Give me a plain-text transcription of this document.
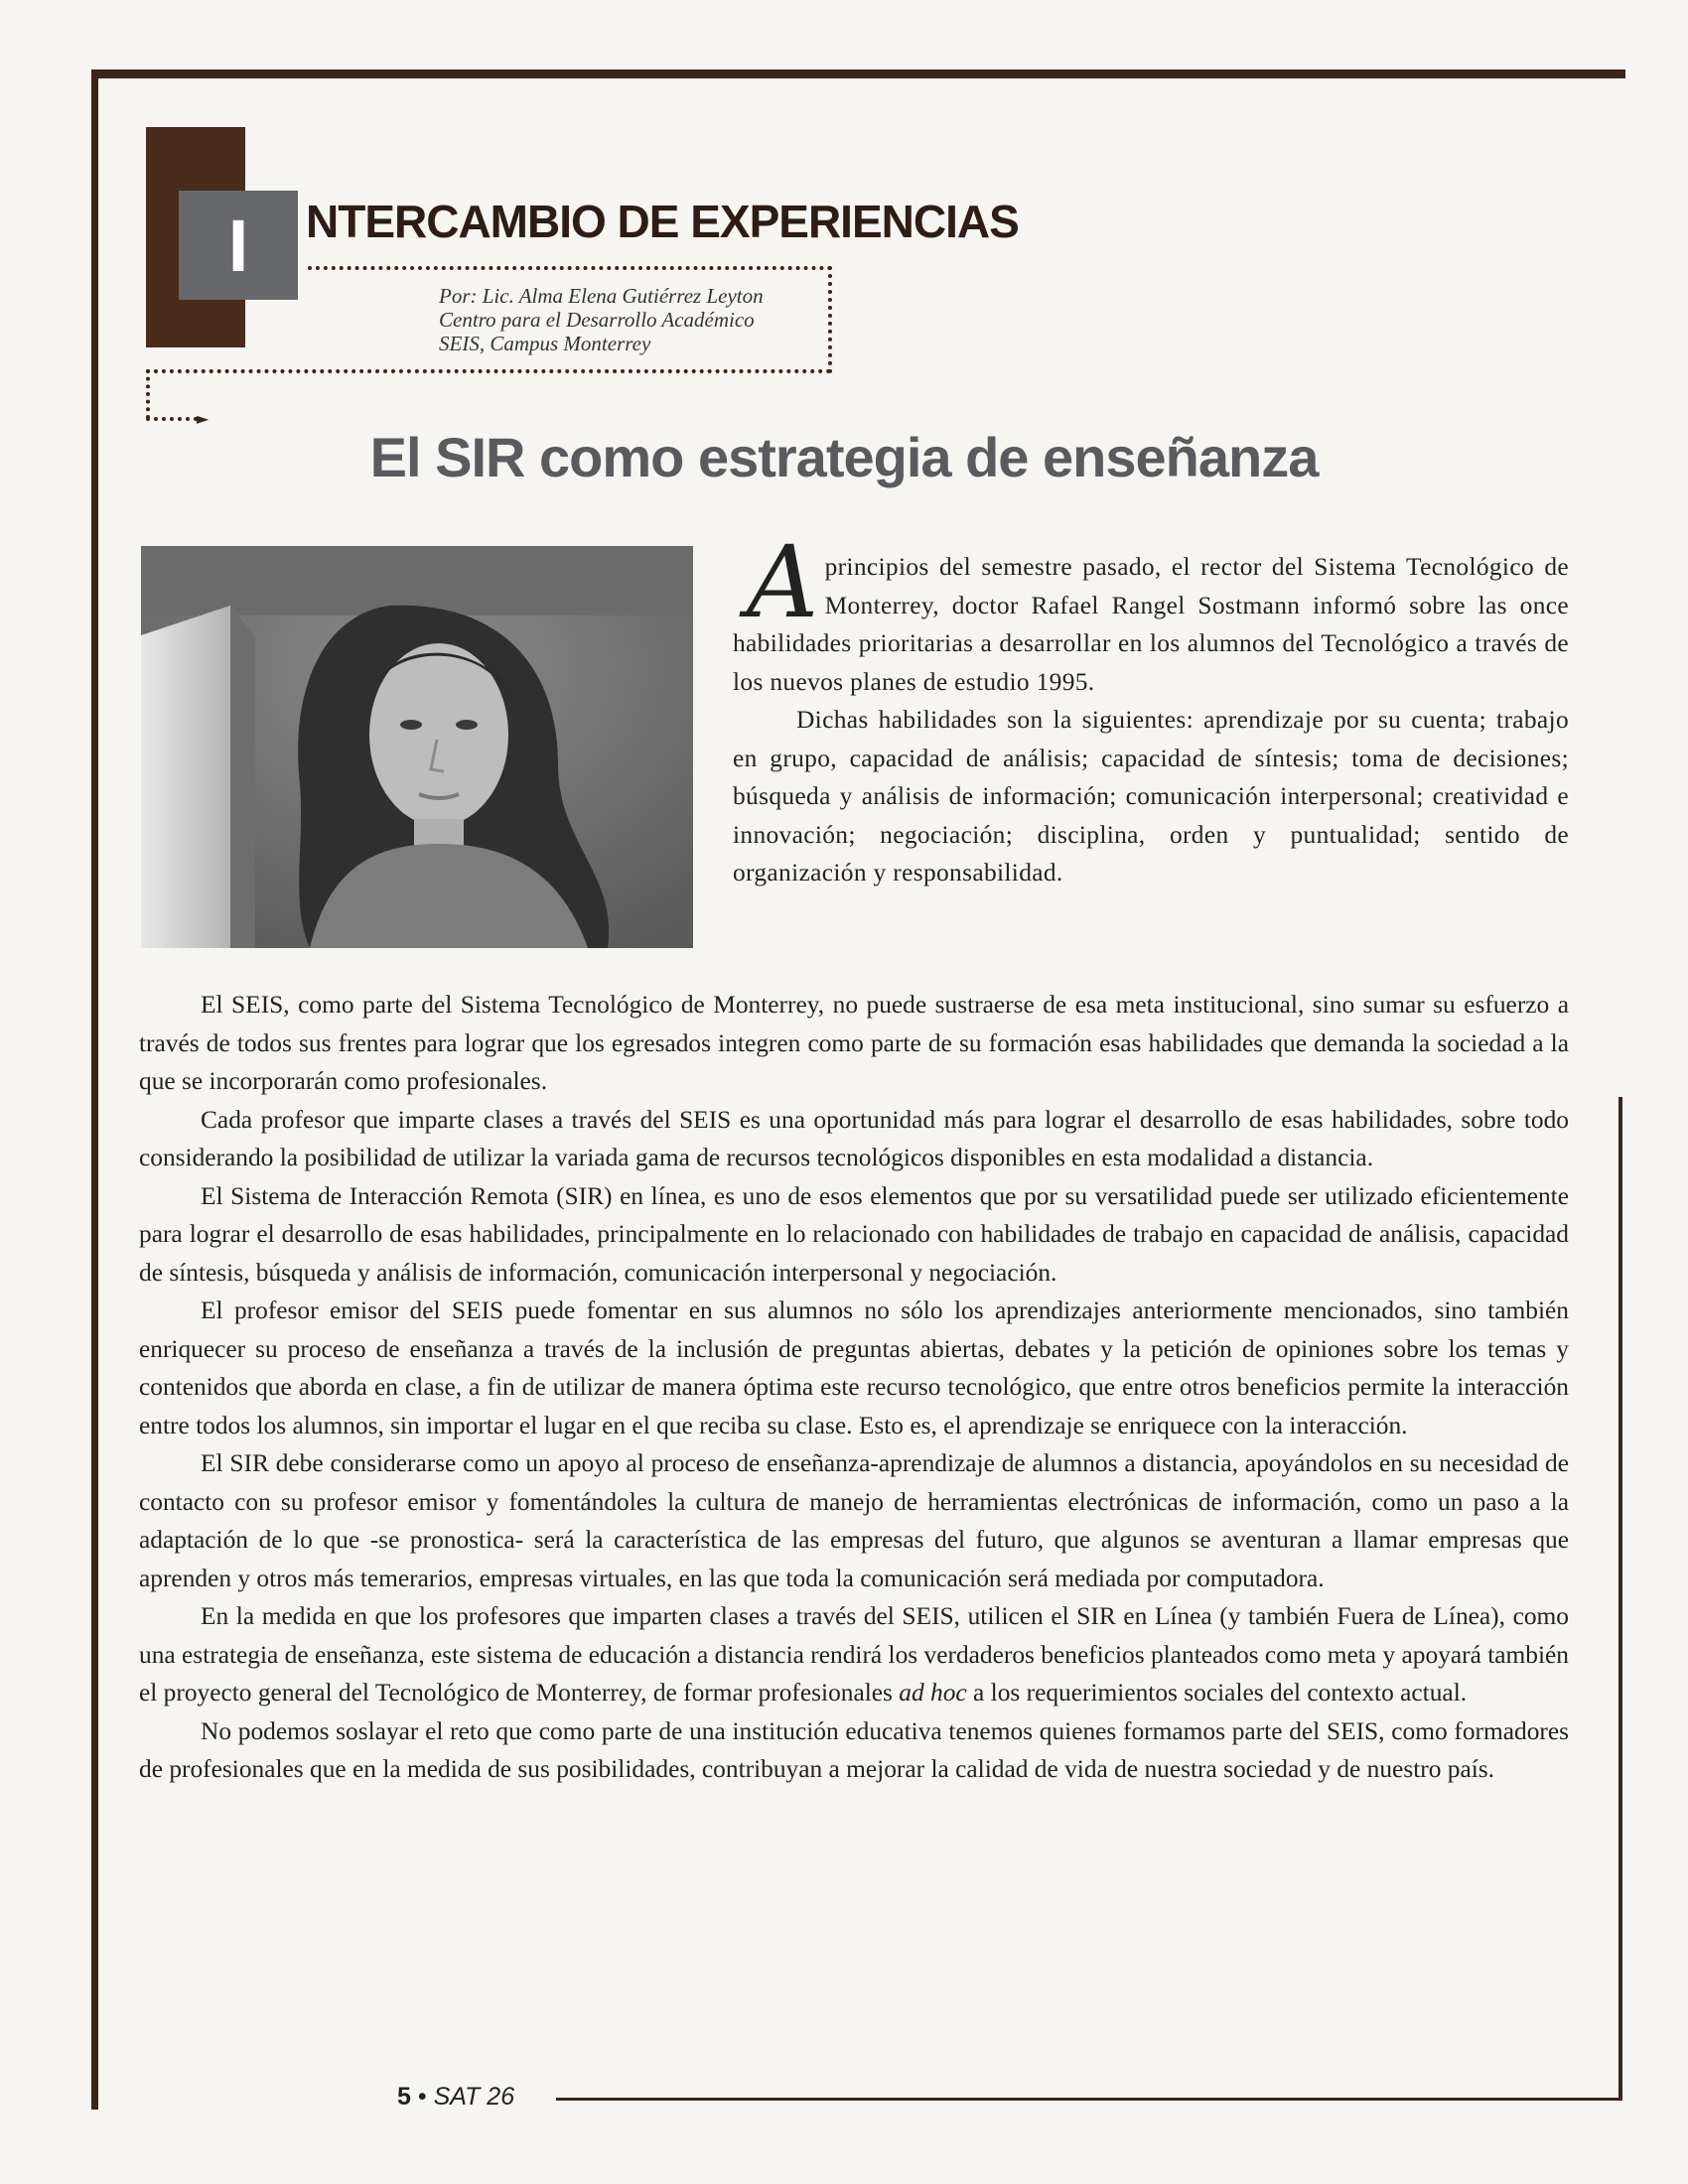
I	NTERCAMBIO DE EXPERIENCIAS
►
Por: Lic. Alma Elena Gutiérrez Leyton
Centro para el Desarrollo Académico
SEIS, Campus Monterrey
El SIR como estrategia de enseñanza

Aprincipios del semestre pasado, el rector del Sistema Tecnológico de Monterrey, doctor Rafael Rangel Sostmann informó sobre las once habilidades prioritarias a desarrollar en los alumnos del Tecnológico a través de los nuevos planes de estudio 1995.

Dichas habilidades son la siguientes: aprendizaje por su cuenta; trabajo en grupo, capacidad de análisis; capacidad de síntesis; toma de decisiones; búsqueda y análisis de información; comunicación interpersonal; creatividad e innovación; negociación; disciplina, orden y puntualidad; sentido de organización y responsabilidad.

El SEIS, como parte del Sistema Tecnológico de Monterrey, no puede sustraerse de esa meta institucional, sino sumar su esfuerzo a través de todos sus frentes para lograr que los egresados integren como parte de su formación esas habilidades que demanda la sociedad a la que se incorporarán como profesionales.

Cada profesor que imparte clases a través del SEIS es una oportunidad más para lograr el desarrollo de esas habilidades, sobre todo considerando la posibilidad de utilizar la variada gama de recursos tecnológicos disponibles en esta modalidad a distancia.

El Sistema de Interacción Remota (SIR) en línea, es uno de esos elementos que por su versatilidad puede ser utilizado eficientemente para lograr el desarrollo de esas habilidades, principalmente en lo relacionado con habilidades de trabajo en capacidad de análisis, capacidad de síntesis, búsqueda y análisis de información, comunicación interpersonal y negociación.

El profesor emisor del SEIS puede fomentar en sus alumnos no sólo los aprendizajes anteriormente mencionados, sino también enriquecer su proceso de enseñanza a través de la inclusión de preguntas abiertas, debates y la petición de opiniones sobre los temas y contenidos que aborda en clase, a fin de utilizar de manera óptima este recurso tecnológico, que entre otros beneficios permite la interacción entre todos los alumnos, sin importar el lugar en el que reciba su clase. Esto es, el aprendizaje se enriquece con la interacción.

El SIR debe considerarse como un apoyo al proceso de enseñanza-aprendizaje de alumnos a distancia, apoyándolos en su necesidad de contacto con su profesor emisor y fomentándoles la cultura de manejo de herramientas electrónicas de información, como un paso a la adaptación de lo que -se pronostica- será la característica de las empresas del futuro, que algunos se aventuran a llamar empresas que aprenden y otros más temerarios, empresas virtuales, en las que toda la comunicación será mediada por computadora.

En la medida en que los profesores que imparten clases a través del SEIS, utilicen el SIR en Línea (y también Fuera de Línea), como una estrategia de enseñanza, este sistema de educación a distancia rendirá los verdaderos beneficios planteados como meta y apoyará también el proyecto general del Tecnológico de Monterrey, de formar profesionales ad hoc a los requerimientos sociales del contexto actual.

No podemos soslayar el reto que como parte de una institución educativa tenemos quienes formamos parte del SEIS, como formadores de profesionales que en la medida de sus posibilidades, contribuyan a mejorar la calidad de vida de nuestra sociedad y de nuestro país.

5 • SAT 26
